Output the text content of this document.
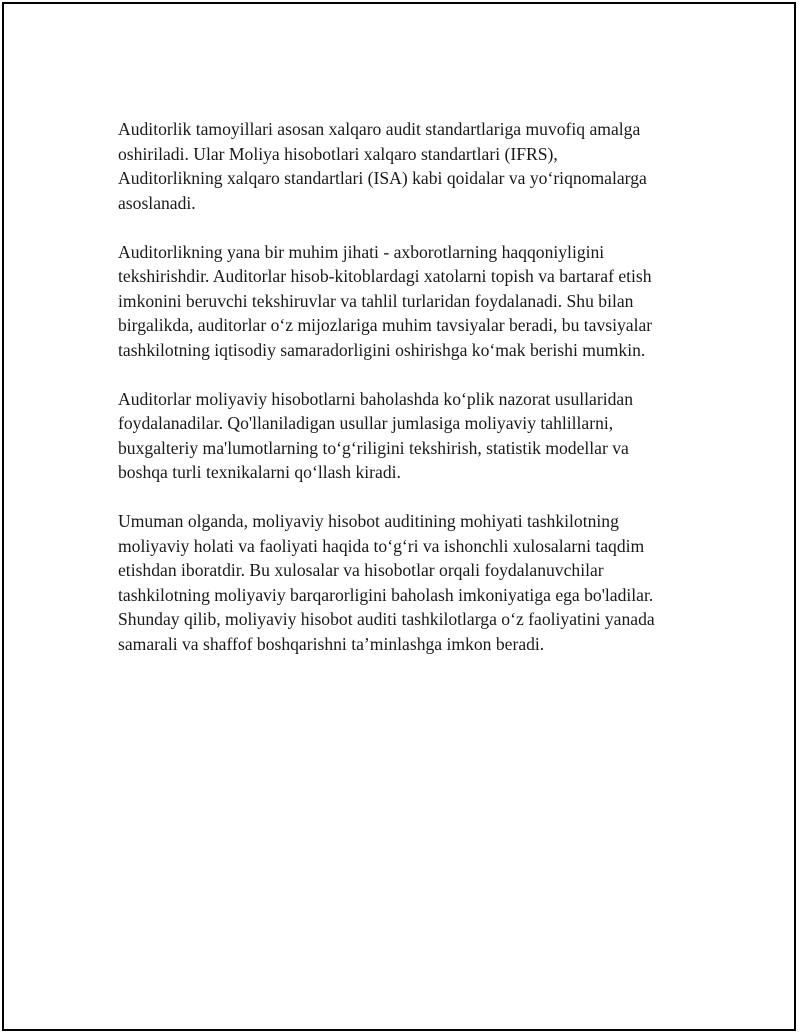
Auditorlik tamoyillari asosan xalqaro audit standartlariga muvofiq amalga
oshiriladi. Ular Moliya hisobotlari xalqaro standartlari (IFRS),
Auditorlikning xalqaro standartlari (ISA) kabi qoidalar va yo‘riqnomalarga
asoslanadi.

Auditorlikning yana bir muhim jihati - axborotlarning haqqoniyligini
tekshirishdir. Auditorlar hisob-kitoblardagi xatolarni topish va bartaraf etish
imkonini beruvchi tekshiruvlar va tahlil turlaridan foydalanadi. Shu bilan
birgalikda, auditorlar o‘z mijozlariga muhim tavsiyalar beradi, bu tavsiyalar
tashkilotning iqtisodiy samaradorligini oshirishga ko‘mak berishi mumkin.

Auditorlar moliyaviy hisobotlarni baholashda ko‘plik nazorat usullaridan
foydalanadilar. Qo'llaniladigan usullar jumlasiga moliyaviy tahlillarni,
buxgalteriy ma'lumotlarning to‘g‘riligini tekshirish, statistik modellar va
boshqa turli texnikalarni qo‘llash kiradi.

Umuman olganda, moliyaviy hisobot auditining mohiyati tashkilotning
moliyaviy holati va faoliyati haqida to‘g‘ri va ishonchli xulosalarni taqdim
etishdan iboratdir. Bu xulosalar va hisobotlar orqali foydalanuvchilar
tashkilotning moliyaviy barqarorligini baholash imkoniyatiga ega bo'ladilar.
Shunday qilib, moliyaviy hisobot auditi tashkilotlarga o‘z faoliyatini yanada
samarali va shaffof boshqarishni ta’minlashga imkon beradi.
